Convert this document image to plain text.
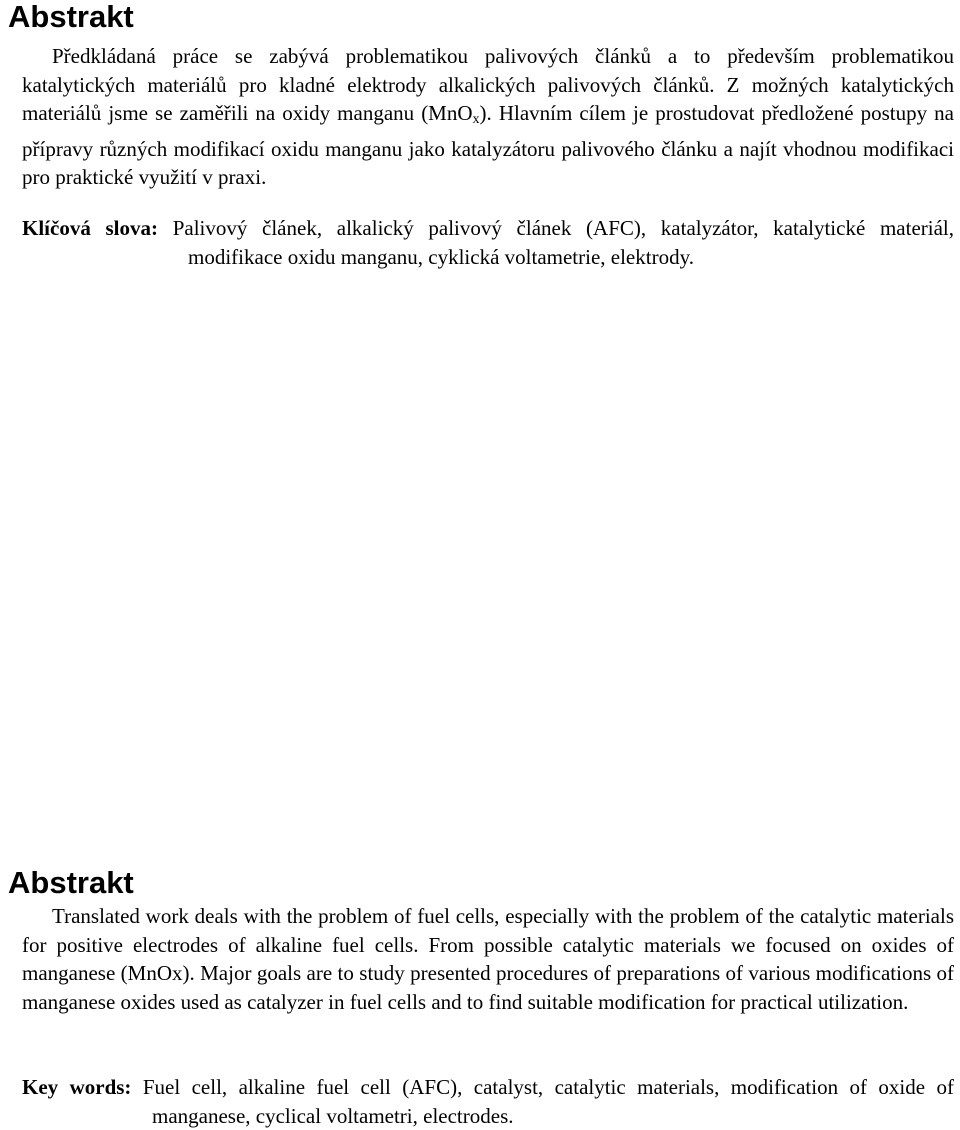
Abstrakt

Předkládaná práce se zabývá problematikou palivových článků a to především problematikou katalytických materiálů pro kladné elektrody alkalických palivových článků. Z možných katalytických materiálů jsme se zaměřili na oxidy manganu (MnO$_x$). Hlavním cílem je prostudovat předložené postupy na přípravy různých modifikací oxidu manganu jako katalyzátoru palivového článku a najít vhodnou modifikaci pro praktické využití v praxi.

Klíčová slova: Palivový článek, alkalický palivový článek (AFC), katalyzátor, katalytické materiál, modifikace oxidu manganu, cyklická voltametrie, elektrody.

Abstrakt

Translated work deals with the problem of fuel cells, especially with the problem of the catalytic materials for positive electrodes of alkaline fuel cells. From possible catalytic materials we focused on oxides of manganese (MnOx). Major goals are to study presented procedures of preparations of various modifications of manganese oxides used as catalyzer in fuel cells and to find suitable modification for practical utilization.

Key words: Fuel cell, alkaline fuel cell (AFC), catalyst, catalytic materials, modification of oxide of manganese, cyclical voltametri, electrodes.
